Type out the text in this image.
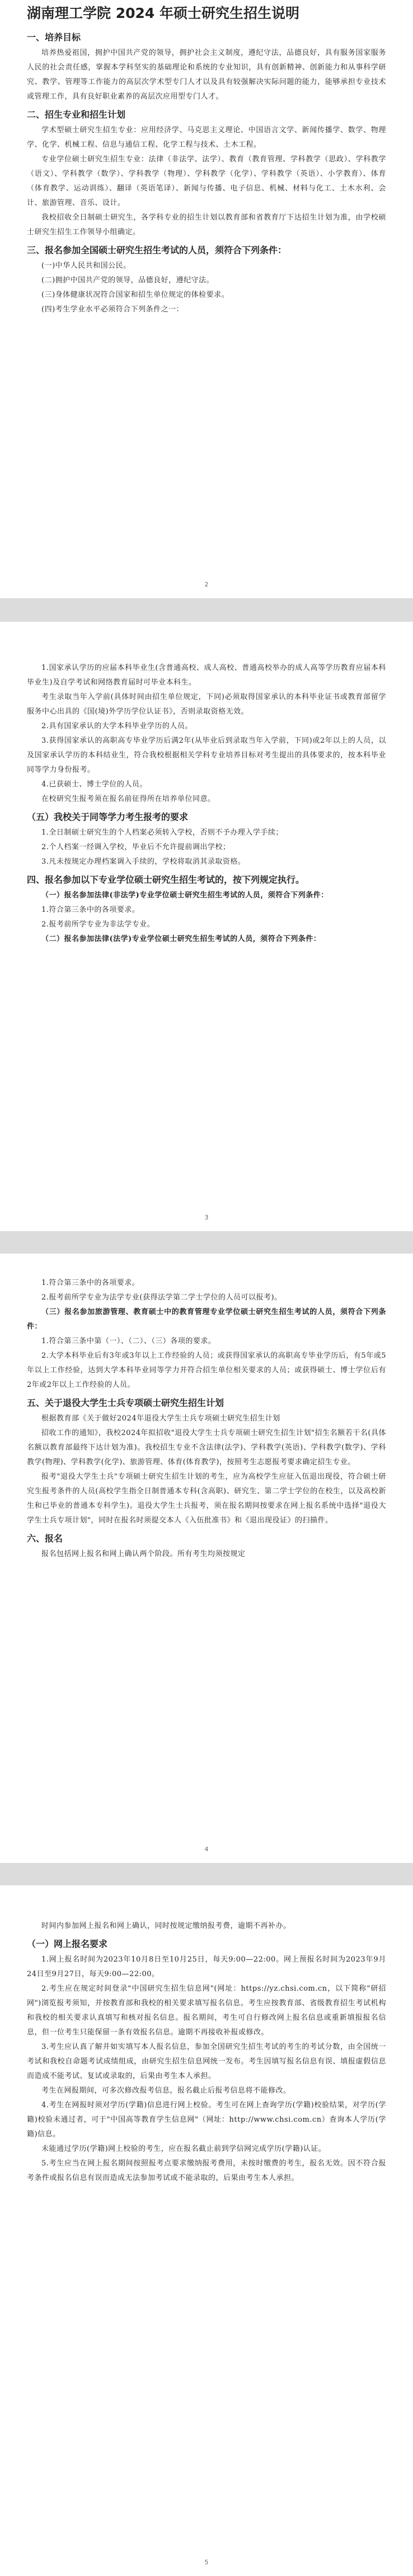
湖南理工学院 2024 年硕士研究生招生说明
一、培养目标

培养热爱祖国，拥护中国共产党的领导，拥护社会主义制度，遵纪守法，品德良好，具有服务国家服务人民的社会责任感，掌握本学科坚实的基础理论和系统的专业知识，具有创新精神、创新能力和从事科学研究、教学、管理等工作能力的高层次学术型专门人才以及具有较强解决实际问题的能力，能够承担专业技术或管理工作，具有良好职业素养的高层次应用型专门人才。

二、招生专业和招生计划

学术型硕士研究生招生专业：应用经济学、马克思主义理论、中国语言文学、新闻传播学、数学、物理学、化学、机械工程、信息与通信工程、化学工程与技术、土木工程。

专业学位硕士研究生招生专业：法律（非法学、法学）、教育（教育管理、学科教学（思政）、学科教学（语文）、学科教学（数学）、学科教学（物理）、学科教学（化学）、学科教学（英语）、小学教育）、体育（体育教学、运动训练）、翻译（英语笔译）、新闻与传播、电子信息、机械、材料与化工、土木水利、会计、旅游管理、音乐、设计。

我校招收全日制硕士研究生，各学科专业的招生计划以教育部和省教育厅下达招生计划为准，由学校硕士研究生招生工作领导小组确定。

三、报名参加全国硕士研究生招生考试的人员，须符合下列条件：

(一)中华人民共和国公民。

(二)拥护中国共产党的领导，品德良好，遵纪守法。

(三)身体健康状况符合国家和招生单位规定的体检要求。

(四)考生学业水平必须符合下列条件之一：

2

1.国家承认学历的应届本科毕业生(含普通高校、成人高校、普通高校举办的成人高等学历教育应届本科毕业生)及自学考试和网络教育届时可毕业本科生。

考生录取当年入学前(具体时间由招生单位规定，下同)必须取得国家承认的本科毕业证书或教育部留学服务中心出具的《国(境)外学历学位认证书》，否则录取资格无效。

2.具有国家承认的大学本科毕业学历的人员。

3.获得国家承认的高职高专毕业学历后满2年(从毕业后到录取当年入学前，下同)或2年以上的人员，以及国家承认学历的本科结业生，符合我校根据相关学科专业培养目标对考生提出的具体要求的，按本科毕业同等学力身份报考。

4.已获硕士、博士学位的人员。

在校研究生报考须在报名前征得所在培养单位同意。

（五）我校关于同等学力考生报考的要求

1.全日制硕士研究生的个人档案必须转入学校，否则不予办理入学手续；

2.个人档案一经调入学校，毕业后不允许提前调出学校；

3.凡未按规定办理档案调入手续的，学校将取消其录取资格。

四、报名参加以下专业学位硕士研究生招生考试的，按下列规定执行。

（一）报名参加法律(非法学)专业学位硕士研究生招生考试的人员，须符合下列条件：

1.符合第三条中的各项要求。

2.报考前所学专业为非法学专业。

（二）报名参加法律(法学)专业学位硕士研究生招生考试的人员，须符合下列条件：

3

1.符合第三条中的各项要求。

2.报考前所学专业为法学专业(获得法学第二学士学位的人员可以报考)。

（三）报名参加旅游管理、教育硕士中的教育管理专业学位硕士研究生招生考试的人员，须符合下列条件：

1.符合第三条中第（一）、（二）、（三）各项的要求。

2.大学本科毕业后有3年或3年以上工作经验的人员；或获得国家承认的高职高专毕业学历后，有5年或5年以上工作经验，达到大学本科毕业同等学力并符合招生单位相关要求的人员；或获得硕士、博士学位后有2年或2年以上工作经验的人员。

五、关于退役大学生士兵专项硕士研究生招生计划

根据教育部《关于做好2024年退役大学生士兵专项硕士研究生招生计划

招收工作的通知》，我校2024年拟招收"退役大学生士兵专项硕士研究生招生计划"招生名额若干名(具体名额以教育部最终下达计划为准)。我校招生专业不含法律(法学)、学科教学(英语)、学科教学(数学)、学科教学(物理)、学科教学(化学)、旅游管理、体育(体育教学)，按照考生志愿报考要求确定招生专业。

报考"退役大学生士兵"专项硕士研究生招生计划的考生，应为高校学生应征入伍退出现役，符合硕士研究生报考条件的人员(高校学生指全日制普通本专科(含高职)、研究生、第二学士学位的在校生，以及高校新生和已毕业的普通本专科学生)。退役大学生士兵报考，须在报名期间按要求在网上报名系统中选择"退役大学生士兵专项计划"，同时在报名时须提交本人《入伍批准书》和《退出现役证》的扫描件。

六、报名

报名包括网上报名和网上确认两个阶段。所有考生均须按规定

4

时间内参加网上报名和网上确认，同时按规定缴纳报考费，逾期不再补办。

（一）网上报名要求

1.网上报名时间为2023年10月8日至10月25日，每天9:00—22:00。网上预报名时间为2023年9月24日至9月27日，每天9:00—22:00。

2.考生应在规定时间登录"中国研究生招生信息网"(网址：https://yz.chsi.com.cn，以下简称"研招网")浏览报考须知，并按教育部和我校的相关要求填写报名信息。考生应按教育部、省级教育招生考试机构和我校的相关要求认真填写和核对报名信息。报名期间，考生可自行修改网上报名信息或重新填报报名信息，但一位考生只能保留一条有效报名信息。逾期不再接收补报或修改。

3.考生应认真了解并如实填写本人报名信息，参加全国研究生招生考试的考生的考试分数，由全国统一考试和我校自命题考试成绩组成，由研究生招生信息网统一发布。考生因填写报名信息有误、填报虚假信息而造成不能考试、复试或录取的，后果由考生本人承担。

考生在网报期间，可多次修改报考信息，报名截止后报考信息将不能修改。

4.考生在网报时须对学历(学籍)信息进行网上校验。考生可在网上查询学历(学籍)校验结果，对学历(学籍)校验未通过者，可于"中国高等教育学生信息网"（网址：http://www.chsi.com.cn）查询本人学历(学籍)信息。

未能通过学历(学籍)网上校验的考生，应在报名截止前到学信网完成学历(学籍)认证。

5.考生应当在网上报名期间按照报考点要求缴纳报考费用，未按时缴费的考生，报名无效。因不符合报考条件或报名信息有误而造成无法参加考试或不能录取的，后果由考生本人承担。

5
